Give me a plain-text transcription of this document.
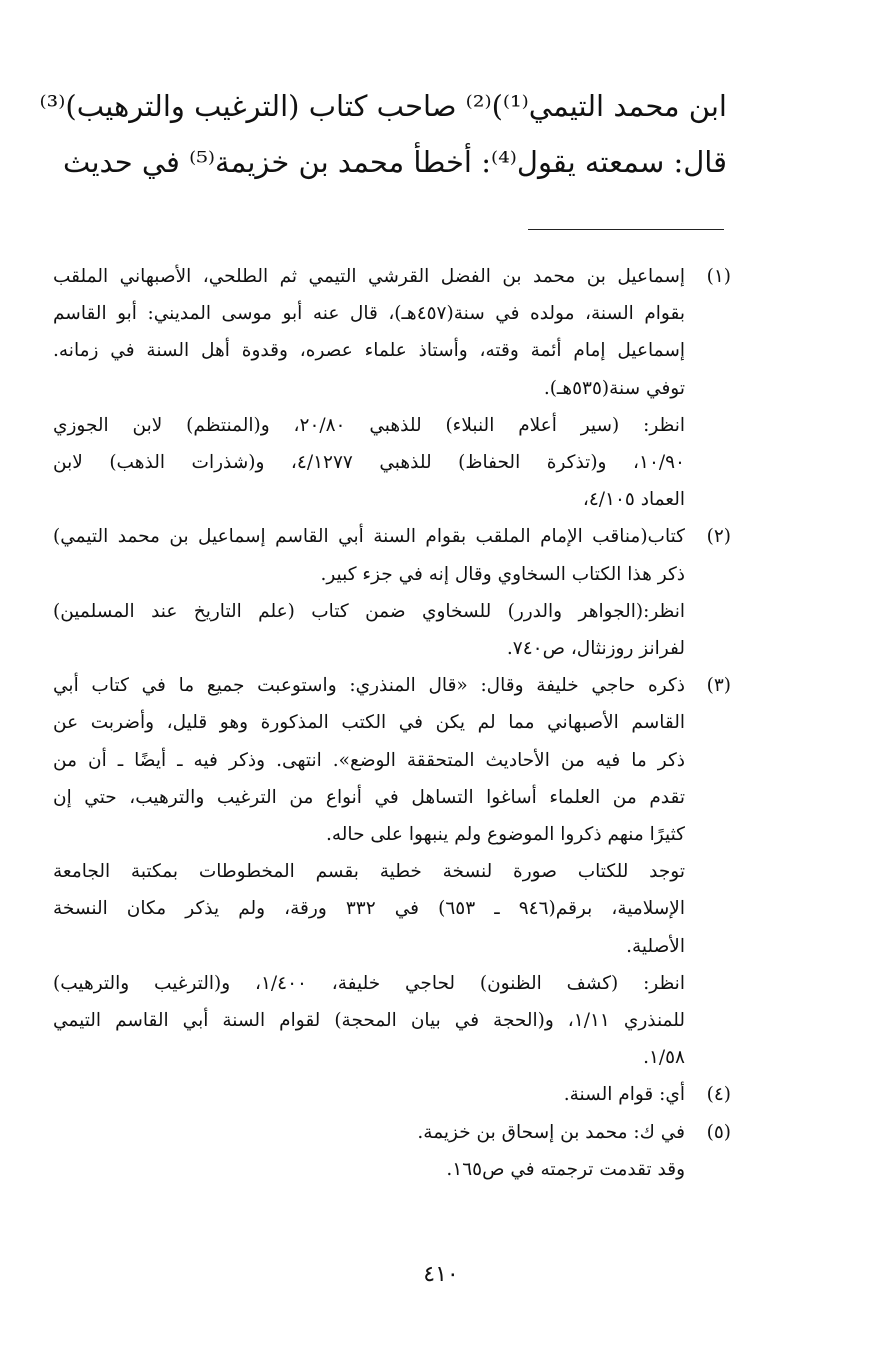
ابن محمد التيمي⁽¹⁾)⁽²⁾ صاحب كتاب (الترغيب والترهيب)⁽³⁾
قال: سمعته يقول⁽⁴⁾: أخطأ محمد بن خزيمة⁽⁵⁾ في حديث
(١)
إسماعيل بن محمد بن الفضل القرشي التيمي ثم الطلحي، الأصبهاني الملقب
بقوام السنة، مولده في سنة(٤٥٧هـ)، قال عنه أبو موسى المديني: أبو القاسم
إسماعيل إمام أئمة وقته، وأستاذ علماء عصره، وقدوة أهل السنة في زمانه.
توفي سنة(٥٣٥هـ).
انظر: (سير أعلام النبلاء) للذهبي ٢٠/٨٠، و(المنتظم) لابن الجوزي
١٠/٩٠، و(تذكرة الحفاظ) للذهبي ٤/١٢٧٧، و(شذرات الذهب) لابن
العماد ٤/١٠٥،
(٢)
كتاب(مناقب الإمام الملقب بقوام السنة أبي القاسم إسماعيل بن محمد التيمي)
ذكر هذا الكتاب السخاوي وقال إنه في جزء كبير.
انظر:(الجواهر والدرر) للسخاوي ضمن كتاب (علم التاريخ عند المسلمين)
لفرانز روزنثال، ص٧٤٠.
(٣)
ذكره حاجي خليفة وقال: «قال المنذري: واستوعبت جميع ما في كتاب أبي
القاسم الأصبهاني مما لم يكن في الكتب المذكورة وهو قليل، وأضربت عن
ذكر ما فيه من الأحاديث المتحققة الوضع». انتهى. وذكر فيه ـ أيضًا ـ أن من
تقدم من العلماء أساغوا التساهل في أنواع من الترغيب والترهيب، حتي إن
كثيرًا منهم ذكروا الموضوع ولم ينبهوا على حاله.
توجد للكتاب صورة لنسخة خطية بقسم المخطوطات بمكتبة الجامعة
الإسلامية، برقم(٩٤٦ ـ ٦٥٣) في ٣٣٢ ورقة، ولم يذكر مكان النسخة
الأصلية.
انظر: (كشف الظنون) لحاجي خليفة، ١/٤٠٠، و(الترغيب والترهيب)
للمنذري ١/١١، و(الحجة في بيان المحجة) لقوام السنة أبي القاسم التيمي
١/٥٨.
(٤)
أي: قوام السنة.
(٥)
في ك: محمد بن إسحاق بن خزيمة.
وقد تقدمت ترجمته في ص١٦٥.
٤١٠
